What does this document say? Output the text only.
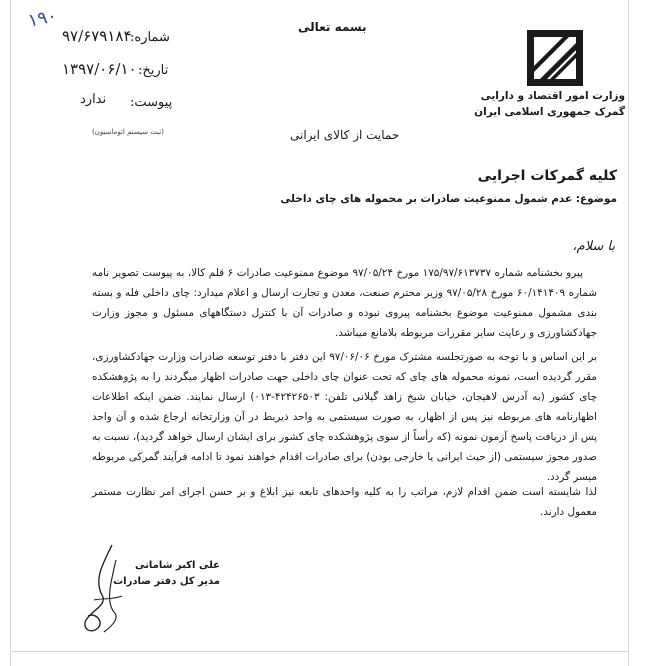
۱۹۰
شماره:
۹۷/۶۷۹۱۸۴
تاریخ:
۱۳۹۷/۰۶/۱۰
پیوست:
ندارد
(ثبت سیستم اتوماسیون)
بسمه تعالی
وزارت امور اقتصاد و دارایی
گمرک جمهوری اسلامی ایران
حمایت از کالای ایرانی
کلیه گمرکات اجرایی
موضوع: عدم شمول ممنوعیت صادرات بر محموله های چای داخلی
با سلام،
پیرو بخشنامه شماره ۱۷۵/۹۷/۶۱۳۷۳۷ مورخ ۹۷/۰۵/۲۴ موضوع ممنوعیت صادرات ۶ قلم کالا، به پیوست تصویر نامه شماره ۶۰/۱۴۱۴۰۹ مورخ ۹۷/۰۵/۲۸ وزیر محترم صنعت، معدن و تجارت ارسال و اعلام میدارد: چای داخلی فله و بسته بندی مشمول ممنوعیت موضوع بخشنامه پیروی نبوده و صادرات آن با کنترل دستگاههای مسئول و مجوز وزارت جهادکشاورزی و رعایت سایر مقررات مربوطه بلامانع میباشد.
بر این اساس و با توجه به صورتجلسه مشترک مورخ ۹۷/۰۶/۰۶ این دفتر با دفتر توسعه صادرات وزارت جهادکشاورزی، مقرر گردیده است، نمونه محموله های چای که تحت عنوان چای داخلی جهت صادرات اظهار میگردند را به پژوهشکده چای کشور (به آدرس لاهیجان، خیابان شیخ زاهد گیلانی تلفن: ۴۲۴۲۶۵۰۳-۰۱۳) ارسال نمایند. ضمن اینکه اطلاعات اظهارنامه های مربوطه نیز پس از اظهار، به صورت سیستمی به واحد ذیربط در آن وزارتخانه ارجاع شده و آن واحد پس از دریافت پاسخ آزمون نمونه (که رأساً از سوی پژوهشکده چای کشور برای ایشان ارسال خواهد گردید)، نسبت به صدور مجوز سیستمی (از حیث ایرانی یا خارجی بودن) برای صادرات اقدام خواهند نمود تا ادامه فرآیند گمرکی مربوطه میسر گردد.
لذا شایسته است ضمن اقدام لازم، مراتب را به کلیه واحدهای تابعه نیز ابلاغ و بر حسن اجرای امر نظارت مستمر معمول دارند.
علی اکبر شامانی
مدیر کل دفتر صادرات
